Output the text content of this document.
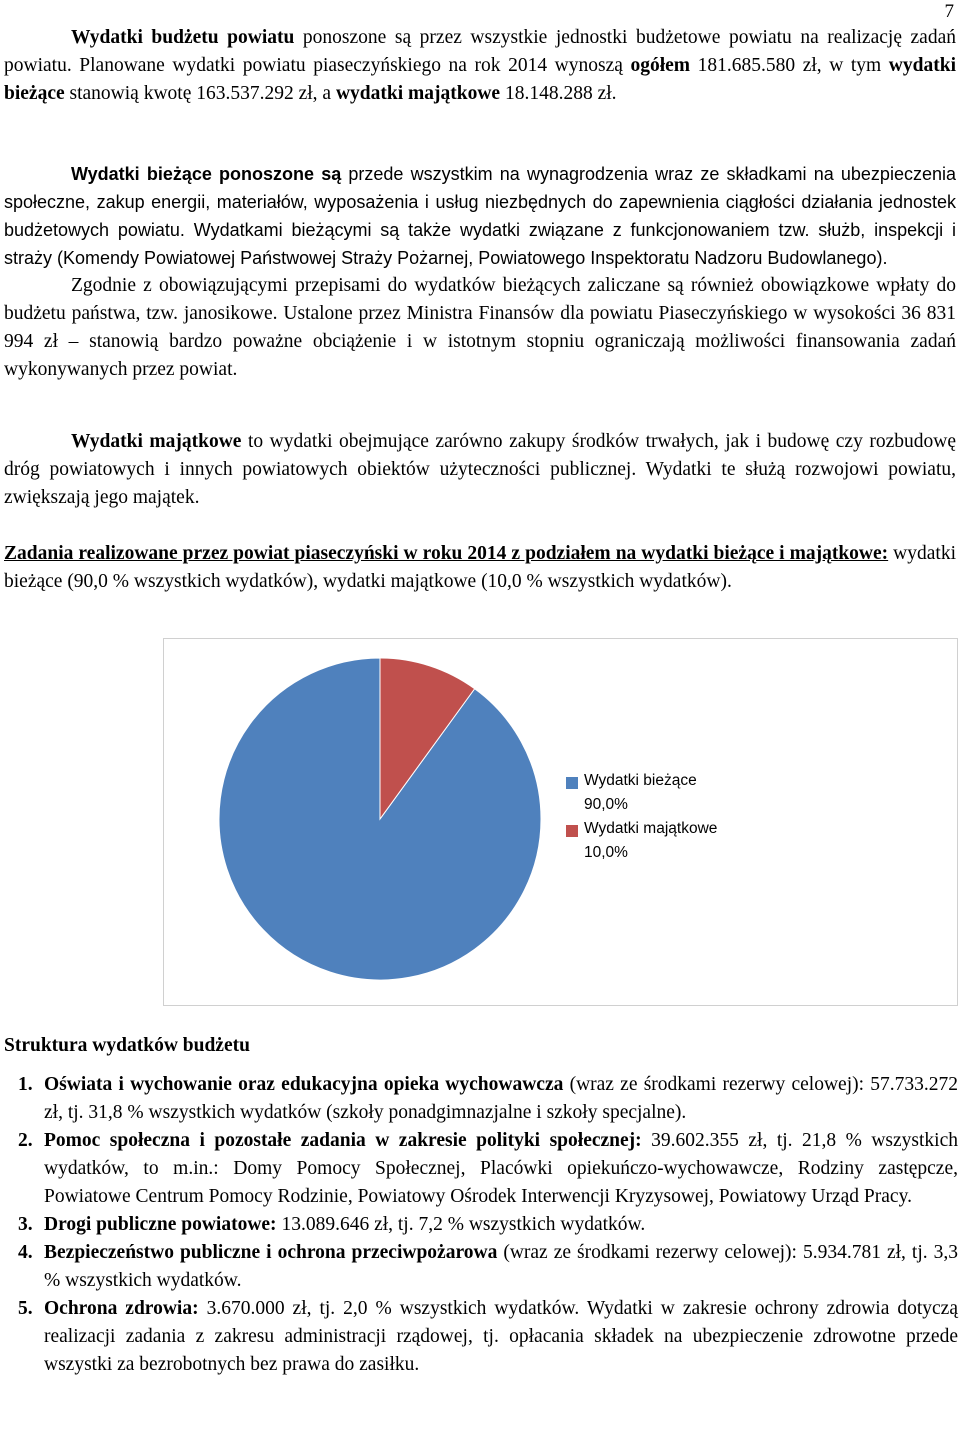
7

Wydatki budżetu powiatu ponoszone są przez wszystkie jednostki budżetowe powiatu na realizację zadań powiatu. Planowane wydatki powiatu piaseczyńskiego na rok 2014 wynoszą ogółem 181.685.580 zł, w tym wydatki bieżące stanowią kwotę 163.537.292 zł, a wydatki majątkowe 18.148.288 zł.

Wydatki bieżące ponoszone są przede wszystkim na wynagrodzenia wraz ze składkami na ubezpieczenia społeczne, zakup energii, materiałów, wyposażenia i usług niezbędnych do zapewnienia ciągłości działania jednostek budżetowych powiatu. Wydatkami bieżącymi są także wydatki związane z funkcjonowaniem tzw. służb, inspekcji i straży (Komendy Powiatowej Państwowej Straży Pożarnej, Powiatowego Inspektoratu Nadzoru Budowlanego).

Zgodnie z obowiązującymi przepisami do wydatków bieżących zaliczane są również obowiązkowe wpłaty do budżetu państwa, tzw. janosikowe. Ustalone przez Ministra Finansów dla powiatu Piaseczyńskiego w wysokości 36 831 994 zł – stanowią bardzo poważne obciążenie i w istotnym stopniu ograniczają możliwości finansowania zadań wykonywanych przez powiat.

Wydatki majątkowe to wydatki obejmujące zarówno zakupy środków trwałych, jak i budowę czy rozbudowę dróg powiatowych i innych powiatowych obiektów użyteczności publicznej. Wydatki te służą rozwojowi powiatu, zwiększają jego majątek.

Zadania realizowane przez powiat piaseczyński w roku 2014 z podziałem na wydatki bieżące i majątkowe: wydatki bieżące (90,0 % wszystkich wydatków), wydatki majątkowe (10,0 % wszystkich wydatków).

Wydatki bieżące
90,0%
Wydatki majątkowe
10,0%

Struktura wydatków budżetu

1. Oświata i wychowanie oraz edukacyjna opieka wychowawcza (wraz ze środkami rezerwy celowej): 57.733.272 zł, tj. 31,8 % wszystkich wydatków (szkoły ponadgimnazjalne i szkoły specjalne).
2. Pomoc społeczna i pozostałe zadania w zakresie polityki społecznej: 39.602.355 zł, tj. 21,8 % wszystkich wydatków, to m.in.: Domy Pomocy Społecznej, Placówki opiekuńczo-wychowawcze, Rodziny zastępcze, Powiatowe Centrum Pomocy Rodzinie, Powiatowy Ośrodek Interwencji Kryzysowej, Powiatowy Urząd Pracy.
3. Drogi publiczne powiatowe: 13.089.646 zł, tj. 7,2 % wszystkich wydatków.
4. Bezpieczeństwo publiczne i ochrona przeciwpożarowa (wraz ze środkami rezerwy celowej): 5.934.781 zł, tj. 3,3 % wszystkich wydatków.
5. Ochrona zdrowia: 3.670.000 zł, tj. 2,0 % wszystkich wydatków. Wydatki w zakresie ochrony zdrowia dotyczą realizacji zadania z zakresu administracji rządowej, tj. opłacania składek na ubezpieczenie zdrowotne przede wszystki za bezrobotnych bez prawa do zasiłku.
